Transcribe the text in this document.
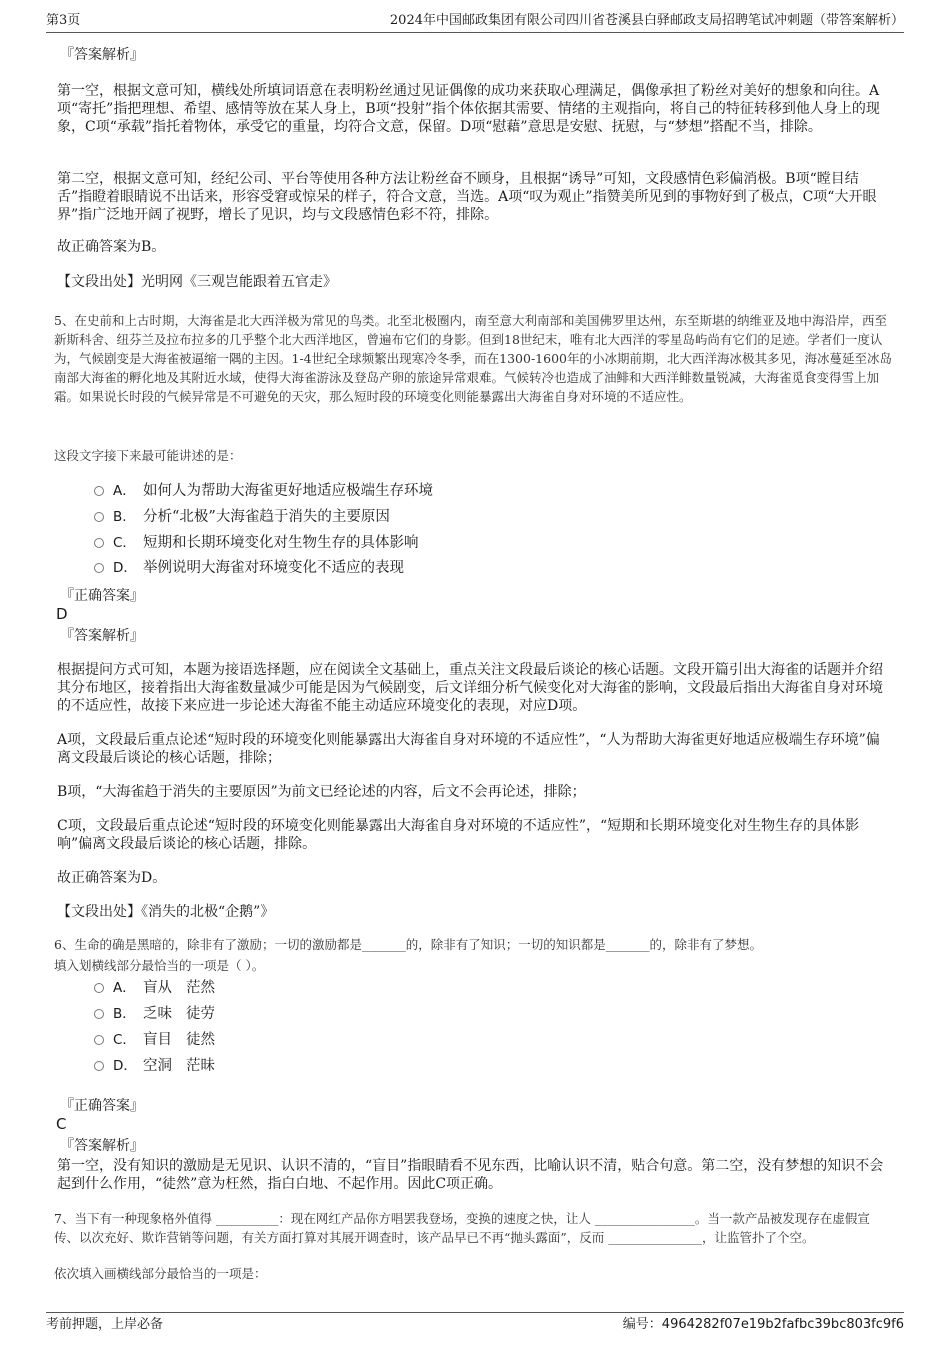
第3页	2024年中国邮政集团有限公司四川省苍溪县白驿邮政支局招聘笔试冲刺题（带答案解析）
『答案解析』
第一空，根据文意可知，横线处所填词语意在表明粉丝通过见证偶像的成功来获取心理满足，偶像承担了粉丝对美好的想象和向往。A项“寄托”指把理想、希望、感情等放在某人身上，B项“投射”指个体依据其需要、情绪的主观指向，将自己的特征转移到他人身上的现象，C项“承载”指托着物体，承受它的重量，均符合文意，保留。D项“慰藉”意思是安慰、抚慰，与“梦想”搭配不当，排除。
第二空，根据文意可知，经纪公司、平台等使用各种方法让粉丝奋不顾身，且根据“诱导”可知，文段感情色彩偏消极。B项“瞠目结舌”指瞪着眼睛说不出话来，形容受窘或惊呆的样子，符合文意，当选。A项“叹为观止”指赞美所见到的事物好到了极点，C项“大开眼界”指广泛地开阔了视野，增长了见识，均与文段感情色彩不符，排除。
故正确答案为B。
【文段出处】光明网《三观岂能跟着五官走》
5、在史前和上古时期，大海雀是北大西洋极为常见的鸟类。北至北极圈内，南至意大利南部和美国佛罗里达州，东至斯堪的纳维亚及地中海沿岸，西至新斯科舍、纽芬兰及拉布拉多的几乎整个北大西洋地区，曾遍布它们的身影。但到18世纪末，唯有北大西洋的零星岛屿尚有它们的足迹。学者们一度认为，气候剧变是大海雀被逼缩一隅的主因。1-4世纪全球频繁出现寒冷冬季，而在1300-1600年的小冰期前期，北大西洋海冰极其多见，海冰蔓延至冰岛南部大海雀的孵化地及其附近水域，使得大海雀游泳及登岛产卵的旅途异常艰难。气候转冷也造成了油鲱和大西洋鲱数量锐减，大海雀觅食变得雪上加霜。如果说长时段的气候异常是不可避免的天灾，那么短时段的环境变化则能暴露出大海雀自身对环境的不适应性。
这段文字接下来最可能讲述的是：
A． 如何人为帮助大海雀更好地适应极端生存环境
B. 分析“北极”大海雀趋于消失的主要原因
C． 短期和长期环境变化对生物生存的具体影响
D． 举例说明大海雀对环境变化不适应的表现
『正确答案』
D
『答案解析』
根据提问方式可知，本题为接语选择题，应在阅读全文基础上，重点关注文段最后谈论的核心话题。文段开篇引出大海雀的话题并介绍其分布地区，接着指出大海雀数量减少可能是因为气候剧变，后文详细分析气候变化对大海雀的影响，文段最后指出大海雀自身对环境的不适应性，故接下来应进一步论述大海雀不能主动适应环境变化的表现，对应D项。
A项，文段最后重点论述“短时段的环境变化则能暴露出大海雀自身对环境的不适应性”，“人为帮助大海雀更好地适应极端生存环境”偏离文段最后谈论的核心话题，排除；
B项，“大海雀趋于消失的主要原因”为前文已经论述的内容，后文不会再论述，排除；
C项，文段最后重点论述“短时段的环境变化则能暴露出大海雀自身对环境的不适应性”，“短期和长期环境变化对生物生存的具体影响”偏离文段最后谈论的核心话题，排除。
故正确答案为D。
【文段出处】《消失的北极“企鹅”》
6、生命的确是黑暗的，除非有了激励；一切的激励都是_______的，除非有了知识；一切的知识都是_______的，除非有了梦想。
填入划横线部分最恰当的一项是（ ）。
A． 盲从 茫然
B． 乏味 徒劳
C． 盲目 徒然
D． 空洞 茫昧
『正确答案』
C
『答案解析』
第一空，没有知识的激励是无见识、认识不清的，“盲目”指眼睛看不见东西，比喻认识不清，贴合句意。第二空，没有梦想的知识不会起到什么作用，“徒然”意为枉然，指白白地、不起作用。因此C项正确。
7、当下有一种现象格外值得 __________：现在网红产品你方唱罢我登场，变换的速度之快，让人 ________________。当一款产品被发现存在虚假宣传、以次充好、欺诈营销等问题，有关方面打算对其展开调查时，该产品早已不再“抛头露面”，反而 _______________，让监管扑了个空。
依次填入画横线部分最恰当的一项是：
考前押题，上岸必备	编号：4964282f07e19b2fafbc39bc803fc9f6
